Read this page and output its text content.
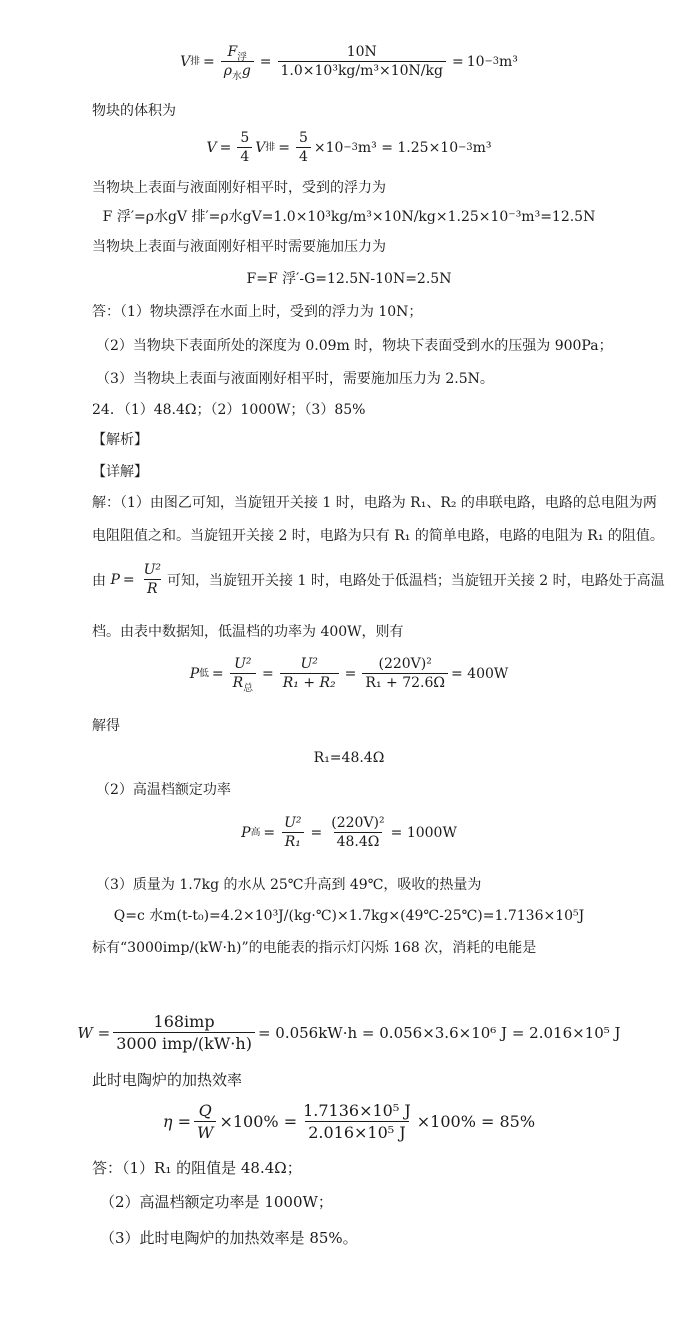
V 排 = $\frac{F_浮}{\rho_水g} = \frac{10N}{\text{1.0×10³kg/m³×10N/kg}} = 10 -3$ m³
物块的体积为
$V = \frac{5}{4}$ V 排 = $\frac{5}{4} \times 10 -3$ m³
= 1.25×10 −3 m³
当物块上表面与液面刚好相平时，受到的浮力为
F 浮′=ρ水gV 排′=ρ水gV=1.0×10³kg/m³×10N/kg×1.25×10⁻³m³=12.5N
当物块上表面与液面刚好相平时需要施加压力为
F=F 浮′-G=12.5N-10N=2.5N
答：（1）物块漂浮在水面上时，受到的浮力为 10N；
（2）当物块下表面所处的深度为 0.09m 时，物块下表面受到水的压强为 900Pa；
（3）当物块上表面与液面刚好相平时，需要施加压力为 2.5N。
24．（1）48.4Ω；（2）1000W；（3）85%
【解析】
【详解】
解：（1）由图乙可知，当旋钮开关接 1 时，电路为 R₁、R₂ 的串联电路，电路的总电阻为两
电阻阻值之和。当旋钮开关接 2 时，电路为只有 R₁ 的简单电路，电路的电阻为 R₁ 的阻值。
由
$P = \frac{\text{U²}}{R}$ 可知，当旋钮开关接 1 时，电路处于低温档；当旋钮开关接 2 时，电路处于高温
档。由表中数据知，低温档的功率为 400W，则有
P 低 = $\frac{\text{U²}}{R_总} = \frac{\text{U²}}{\text{R₁ + R₂}} = \frac{\text{(220V)²}}{\text{R₁ + 72.6Ω}} = 400W$
解得
R₁=48.4Ω
（2）高温档额定功率
P 高 = $\frac{\text{U²}}{\text{R₁}} = \frac{\text{(220V)²}}{48.4\Omega} = 1000W$
（3）质量为 1.7kg 的水从 25℃升高到 49℃，吸收的热量为
Q=c 水m(t-t₀)=4.2×10³J/(kg·℃)×1.7kg×(49℃-25℃)=1.7136×10⁵J
标有“3000imp/(kW·h)”的电能表的指示灯闪烁 168 次，消耗的电能是
$W = \frac{\text{168imp}}{\text{3000 imp/(kW·h)}} = 0.056kW\cdot h = 0.056\times 3.6\times 10^6$ J = 2.016×10⁵ J
此时电陶炉的加热效率
$\eta = \frac{Q}{W} \times 100\% = \frac{\text{1.7136×10⁵ J}}{\text{2.016×10⁵ J}} \times 100\% = 85\%$
答：（1）R₁ 的阻值是 48.4Ω；
（2）高温档额定功率是 1000W；
（3）此时电陶炉的加热效率是 85%。
